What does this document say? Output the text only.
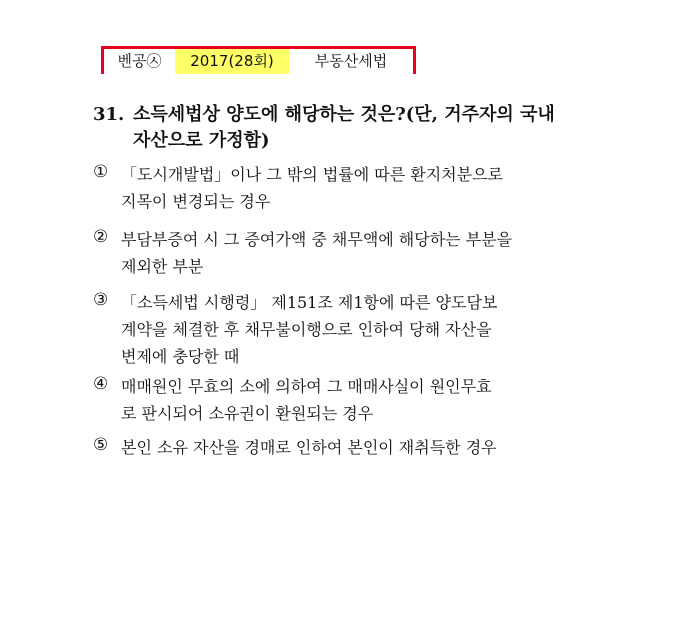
벤공㉦	2017(28회)	부동산세법
31. 소득세법상 양도에 해당하는 것은?(단, 거주자의 국내
자산으로 가정함)
① 「도시개발법」이나 그 밖의 법률에 따른 환지처분으로
지목이 변경되는 경우
② 부담부증여 시 그 증여가액 중 채무액에 해당하는 부분을
제외한 부분
③ 「소득세법 시행령」 제151조 제1항에 따른 양도담보
계약을 체결한 후 채무불이행으로 인하여 당해 자산을
변제에 충당한 때
④ 매매원인 무효의 소에 의하여 그 매매사실이 원인무효
로 판시되어 소유권이 환원되는 경우
⑤ 본인 소유 자산을 경매로 인하여 본인이 재취득한 경우
